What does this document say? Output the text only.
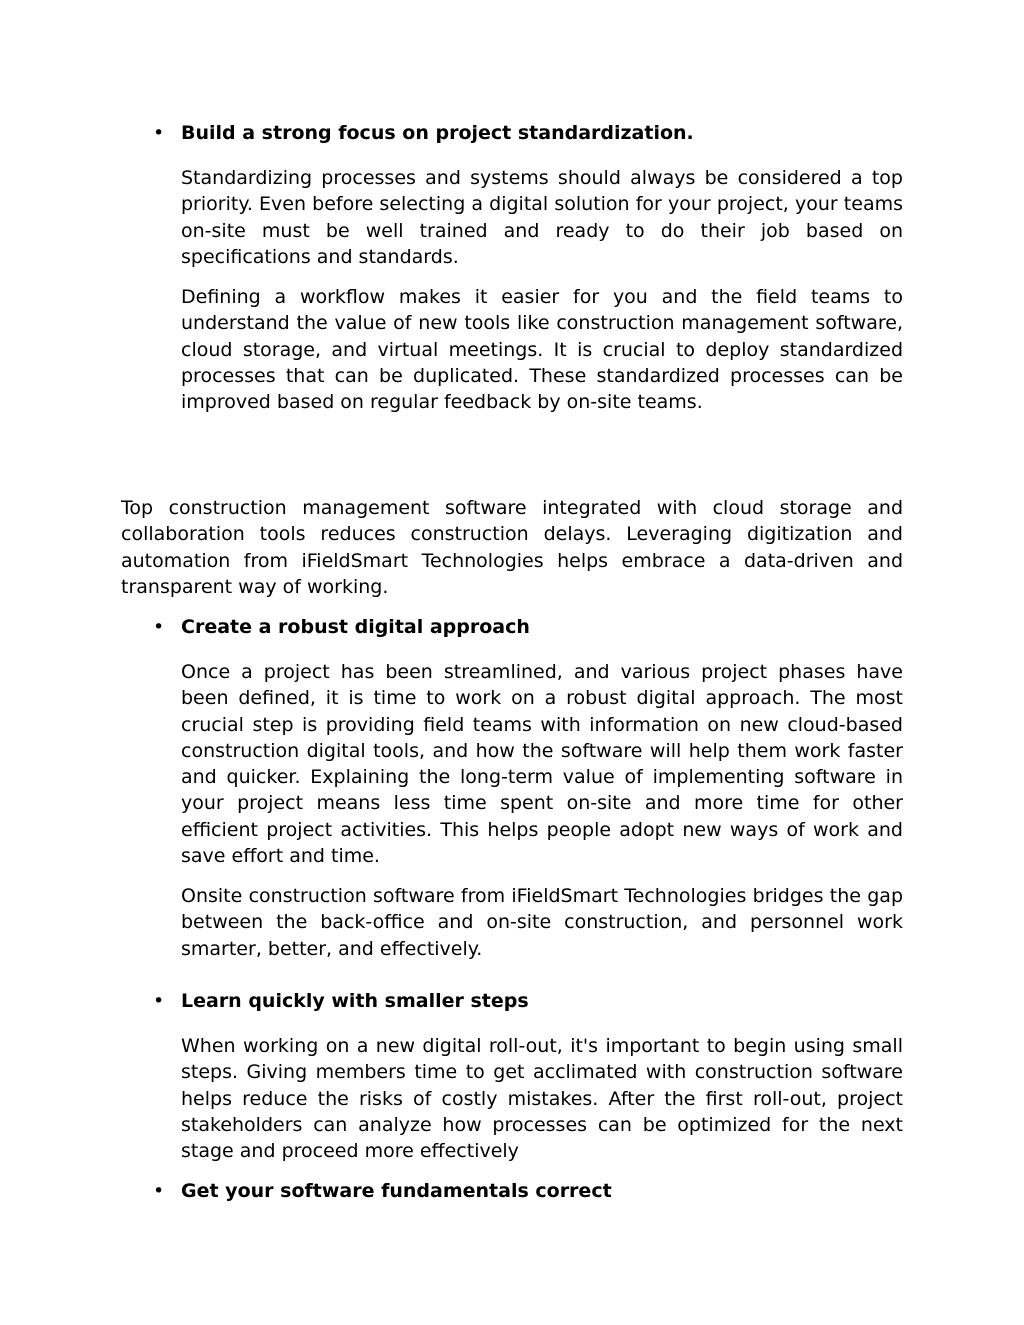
• Build a strong focus on project standardization.

Standardizing processes and systems should always be considered a top priority. Even before selecting a digital solution for your project, your teams on-site must be well trained and ready to do their job based on specifications and standards.

Defining a workflow makes it easier for you and the field teams to understand the value of new tools like construction management software, cloud storage, and virtual meetings. It is crucial to deploy standardized processes that can be duplicated. These standardized processes can be improved based on regular feedback by on-site teams.

Top construction management software integrated with cloud storage and collaboration tools reduces construction delays. Leveraging digitization and automation from iFieldSmart Technologies helps embrace a data-driven and transparent way of working.

• Create a robust digital approach

Once a project has been streamlined, and various project phases have been defined, it is time to work on a robust digital approach. The most crucial step is providing field teams with information on new cloud-based construction digital tools, and how the software will help them work faster and quicker. Explaining the long-term value of implementing software in your project means less time spent on-site and more time for other efficient project activities. This helps people adopt new ways of work and save effort and time.

Onsite construction software from iFieldSmart Technologies bridges the gap between the back-office and on-site construction, and personnel work smarter, better, and effectively.

• Learn quickly with smaller steps

When working on a new digital roll-out, it's important to begin using small steps. Giving members time to get acclimated with construction software helps reduce the risks of costly mistakes. After the first roll-out, project stakeholders can analyze how processes can be optimized for the next stage and proceed more effectively

• Get your software fundamentals correct
